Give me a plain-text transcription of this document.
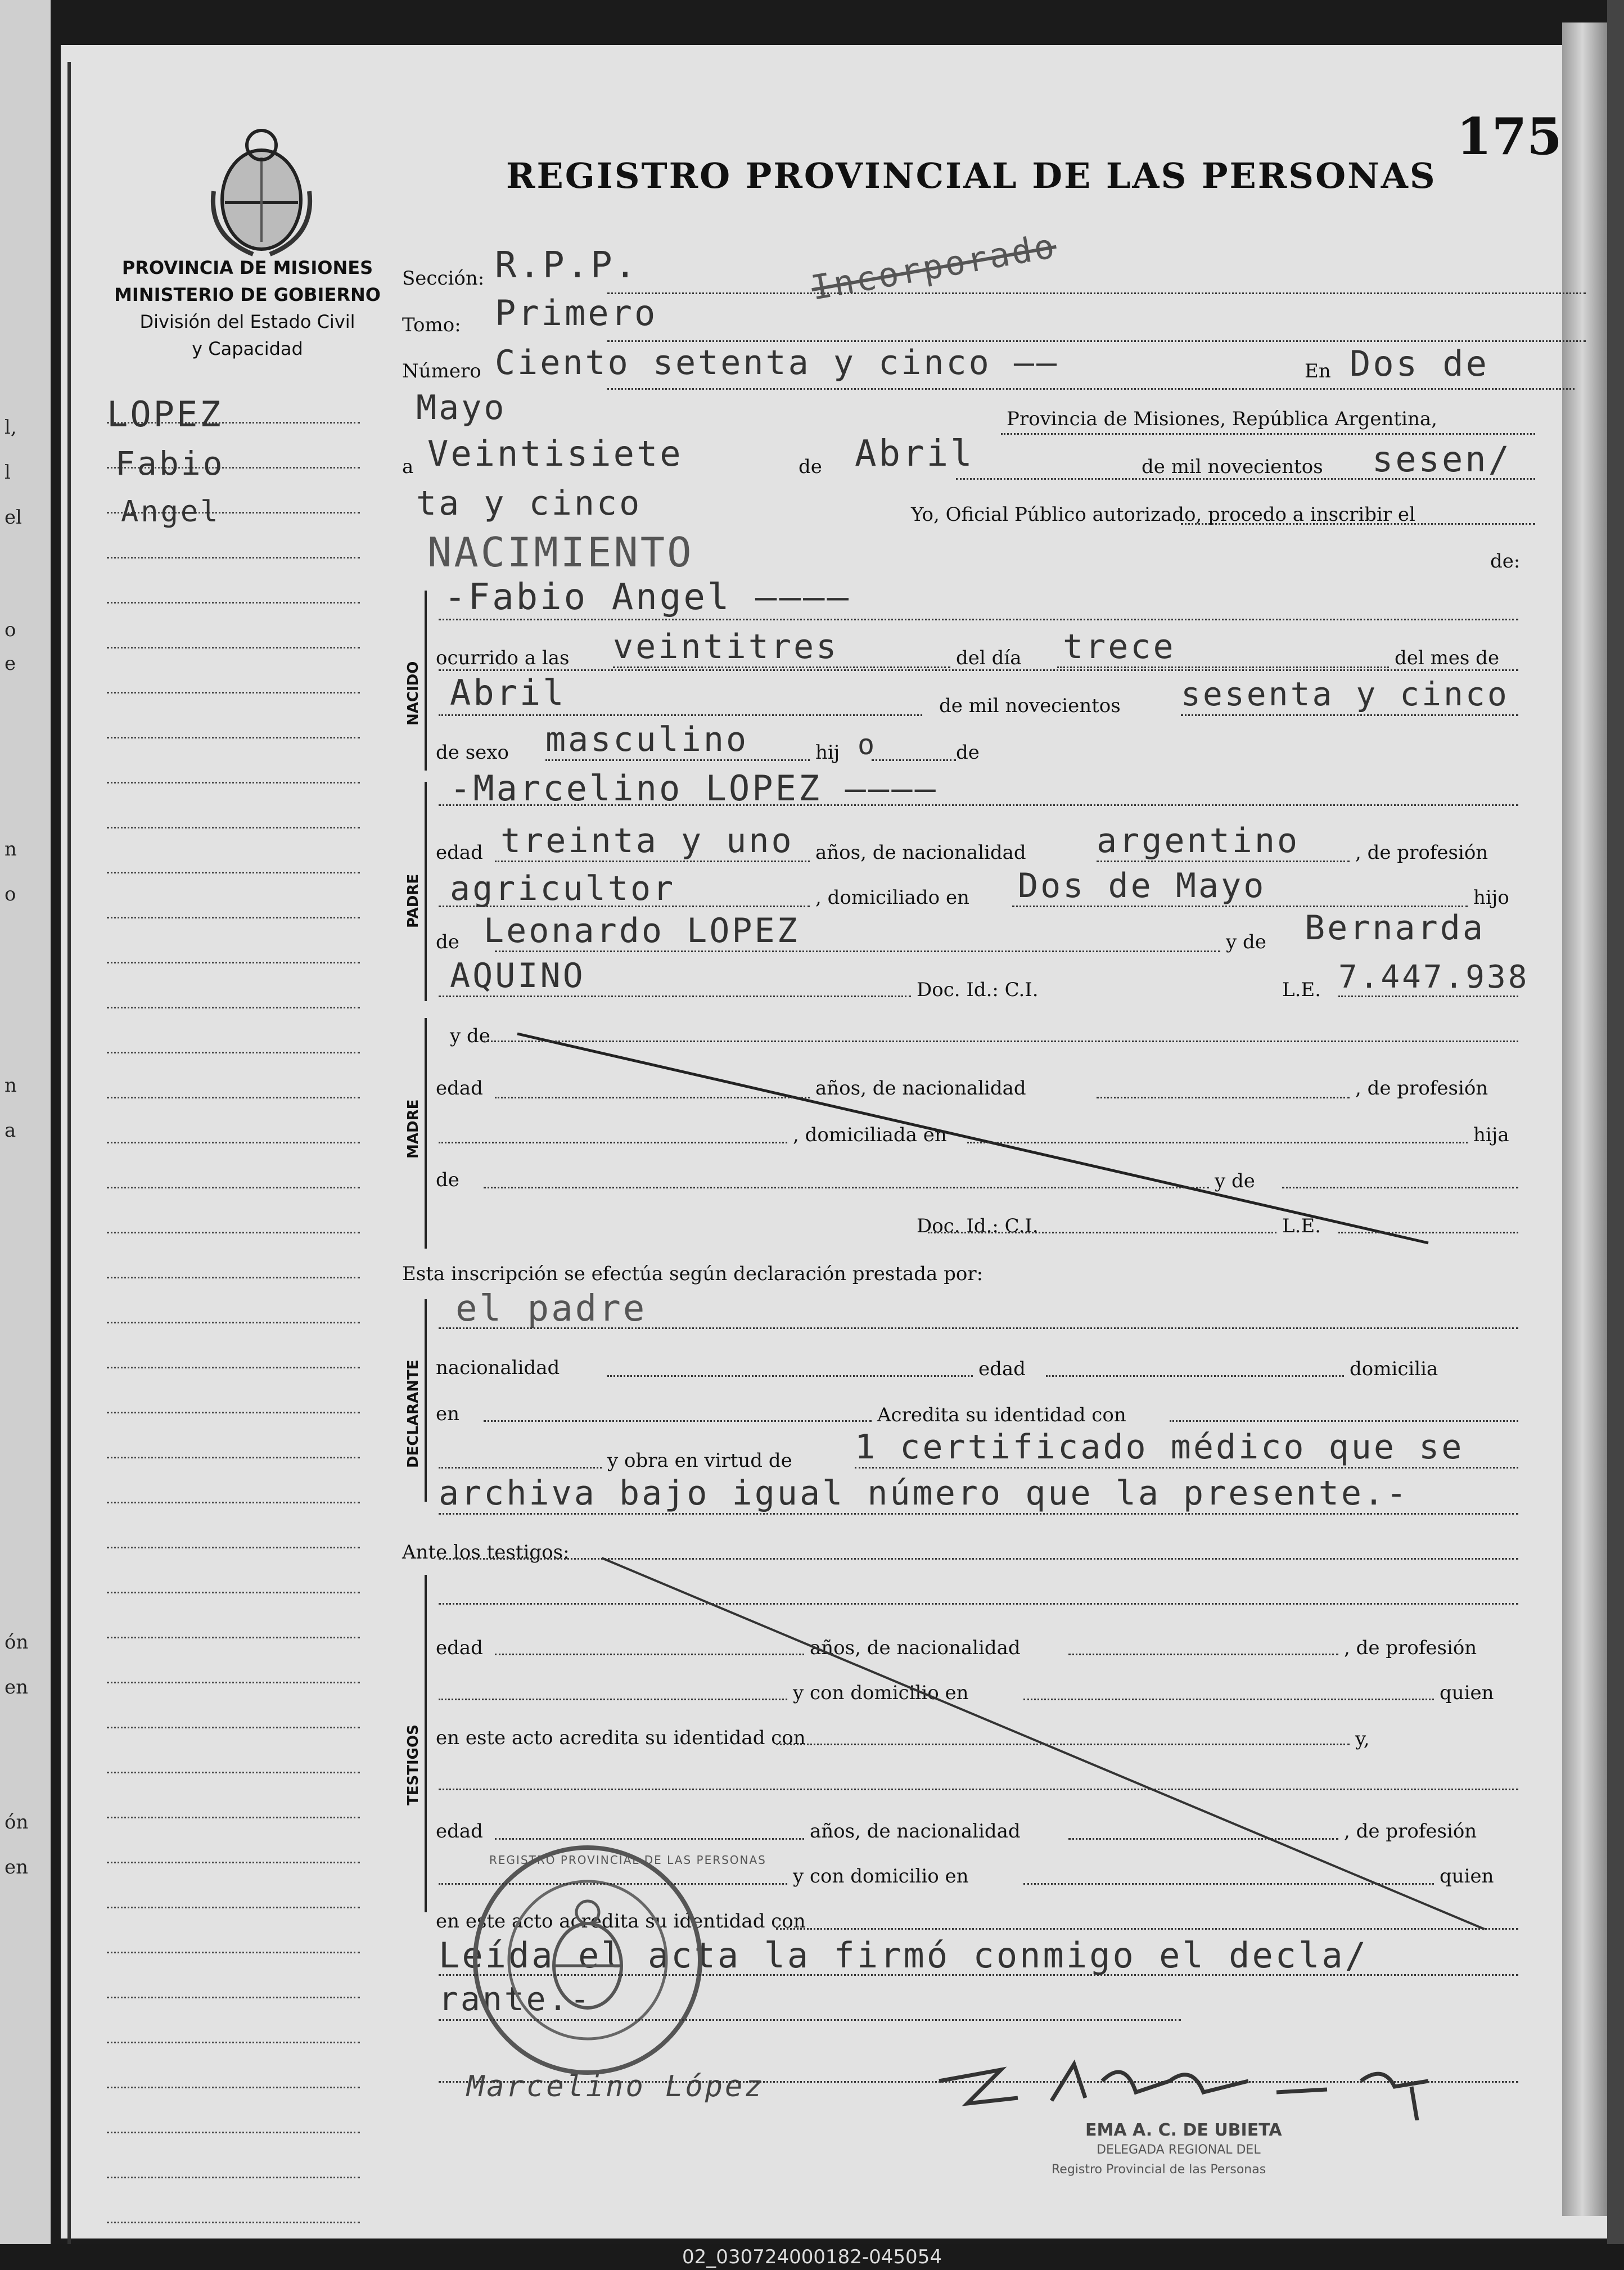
l,
l
el
o
e
n
o
n
a
ón
en
ón
en
PROVINCIA DE MISIONES
MINISTERIO DE GOBIERNO
División del Estado Civil
y Capacidad
REGISTRO PROVINCIAL DE LAS PERSONAS
175
Incorporado
LOPEZ
Fabio
Angel
Sección: R.P.P.
Tomo: Primero
Número Ciento setenta y cinco ——	En Dos de
Mayo	Provincia de Misiones, República Argentina,
a Veintisiete	de Abril	de mil novecientos sesen/
ta y cinco	Yo, Oficial Público autorizado, procedo a inscribir el
NACIMIENTO	de:
NACIDO
PADRE
MADRE
DECLARANTE
TESTIGOS
-Fabio Angel ————
ocurrido a las veintitres	del día trece	del mes de
Abril	de mil novecientos sesenta y cinco
de sexo masculino	hij o	de
-Marcelino LOPEZ ————
edad treinta y uno años, de nacionalidad argentino	, de profesión
agricultor	, domiciliado en Dos de Mayo	hijo
de Leonardo LOPEZ	y de Bernarda
AQUINO	Doc. Id.: C.I.	L.E. 7.447.938
y de
edad	años, de nacionalidad	, de profesión
, domiciliada en	hija
de	y de
Doc. Id.: C.I.	L.E.
Esta inscripción se efectúa según declaración prestada por:
el padre
nacionalidad	edad	domicilia
en	Acredita su identidad con
y obra en virtud de 1 certificado médico que se
archiva bajo igual número que la presente.-
Ante los testigos:
edad	años, de nacionalidad	, de profesión
y con domicilio en	quien
en este acto acredita su identidad con	y,
edad	años, de nacionalidad	, de profesión
y con domicilio en	quien
en este acto acredita su identidad con
Leída el acta la firmó conmigo el decla/
rante.-
REGISTRO PROVINCIAL DE LAS PERSONAS
Marcelino López
EMA A. C. DE UBIETA
DELEGADA REGIONAL DEL
Registro Provincial de las Personas
02_030724000182-045054
